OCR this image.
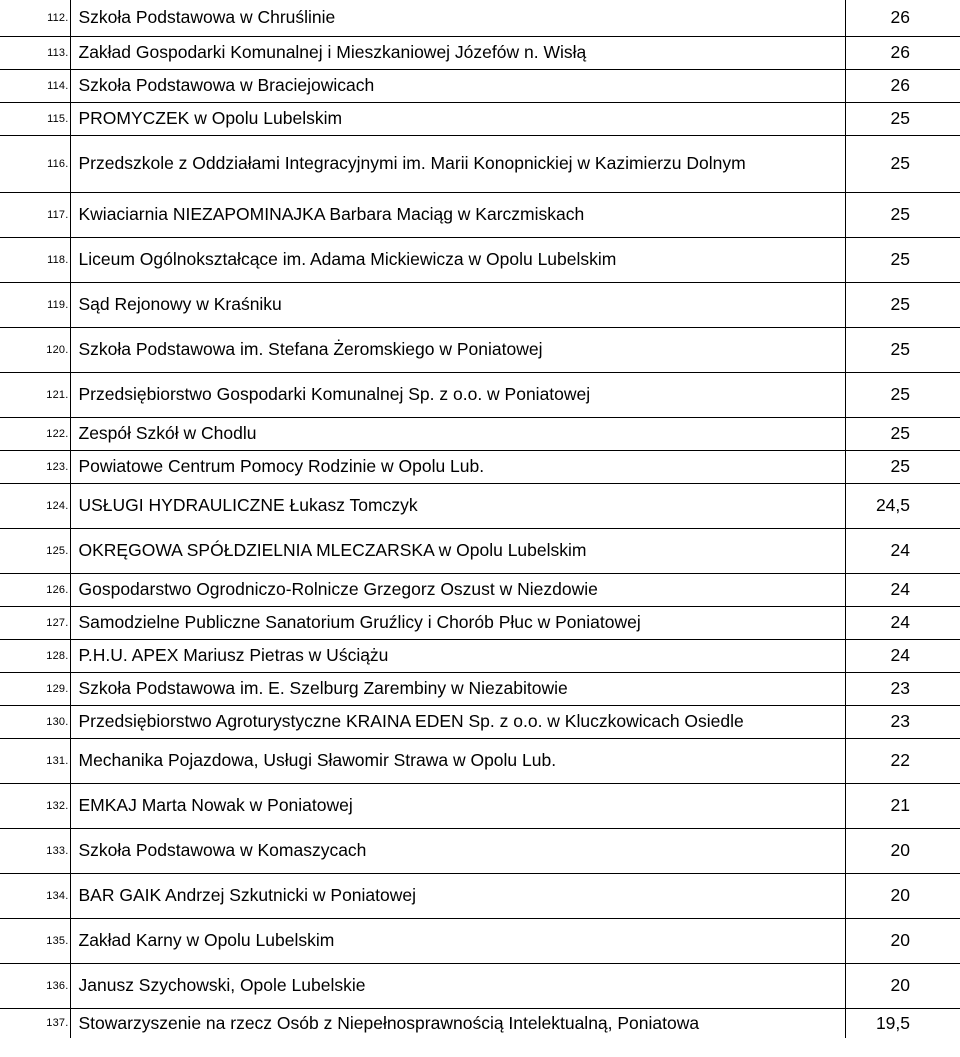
112.	Szkoła Podstawowa w Chruślinie	26
113.	Zakład Gospodarki Komunalnej i Mieszkaniowej Józefów n. Wisłą	26
114.	Szkoła Podstawowa w Braciejowicach	26
115.	PROMYCZEK w Opolu Lubelskim	25
116.	Przedszkole z Oddziałami Integracyjnymi im. Marii Konopnickiej w Kazimierzu Dolnym	25
117.	Kwiaciarnia NIEZAPOMINAJKA Barbara Maciąg w Karczmiskach	25
118.	Liceum Ogólnokształcące im. Adama Mickiewicza w Opolu Lubelskim	25
119.	Sąd Rejonowy w Kraśniku	25
120.	Szkoła Podstawowa im. Stefana Żeromskiego w Poniatowej	25
121.	Przedsiębiorstwo Gospodarki Komunalnej Sp. z o.o. w Poniatowej	25
122.	Zespół Szkół w Chodlu	25
123.	Powiatowe Centrum Pomocy Rodzinie w Opolu Lub.	25
124.	USŁUGI HYDRAULICZNE Łukasz Tomczyk	24,5
125.	OKRĘGOWA SPÓŁDZIELNIA MLECZARSKA w Opolu Lubelskim	24
126.	Gospodarstwo Ogrodniczo-Rolnicze Grzegorz Oszust w Niezdowie	24
127.	Samodzielne Publiczne Sanatorium Gruźlicy i Chorób Płuc w Poniatowej	24
128.	P.H.U. APEX Mariusz Pietras w Uściążu	24
129.	Szkoła Podstawowa im. E. Szelburg Zarembiny w Niezabitowie	23
130.	Przedsiębiorstwo Agroturystyczne KRAINA EDEN Sp. z o.o. w Kluczkowicach Osiedle	23
131.	Mechanika Pojazdowa, Usługi Sławomir Strawa w Opolu Lub.	22
132.	EMKAJ Marta Nowak w Poniatowej	21
133.	Szkoła Podstawowa w Komaszycach	20
134.	BAR GAIK Andrzej Szkutnicki w Poniatowej	20
135.	Zakład Karny w Opolu Lubelskim	20
136.	Janusz Szychowski, Opole Lubelskie	20
137.	Stowarzyszenie na rzecz Osób z Niepełnosprawnością Intelektualną, Poniatowa	19,5
